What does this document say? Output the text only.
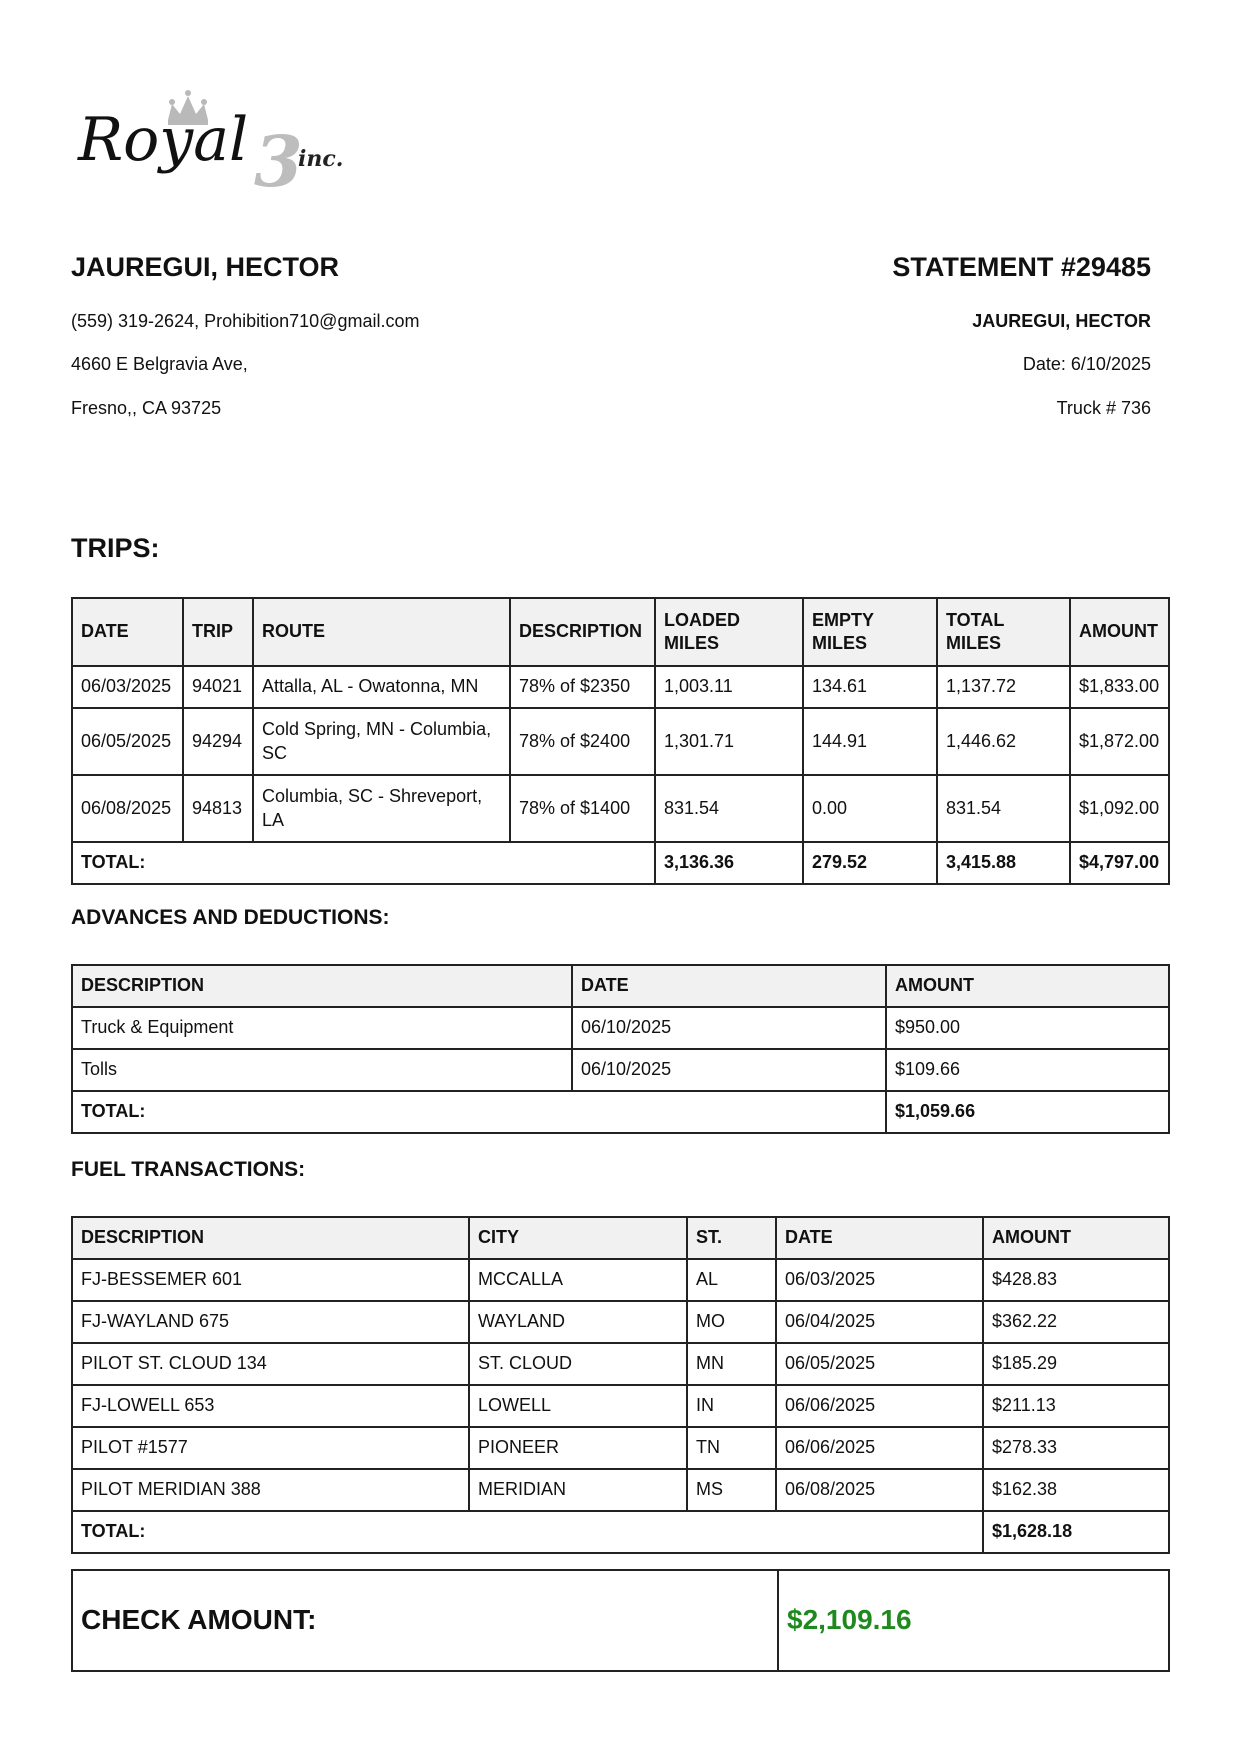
3
Royal inc.
JAUREGUI, HECTOR
(559) 319-2624, Prohibition710@gmail.com
4660 E Belgravia Ave,
Fresno,, CA 93725
STATEMENT #29485
JAUREGUI, HECTOR
Date: 6/10/2025
Truck # 736
TRIPS:
DATE	TRIP	ROUTE	DESCRIPTION	LOADED MILES	EMPTY MILES	TOTAL MILES	AMOUNT
06/03/2025	94021	Attalla, AL - Owatonna, MN	78% of $2350	1,003.11	134.61	1,137.72	$1,833.00
06/05/2025	94294	Cold Spring, MN - Columbia, SC	78% of $2400	1,301.71	144.91	1,446.62	$1,872.00
06/08/2025	94813	Columbia, SC - Shreveport, LA	78% of $1400	831.54	0.00	831.54	$1,092.00
TOTAL:				3,136.36	279.52	3,415.88	$4,797.00
ADVANCES AND DEDUCTIONS:
DESCRIPTION	DATE	AMOUNT
Truck & Equipment	06/10/2025	$950.00
Tolls	06/10/2025	$109.66
TOTAL:		$1,059.66
FUEL TRANSACTIONS:
DESCRIPTION	CITY	ST.	DATE	AMOUNT
FJ-BESSEMER 601	MCCALLA	AL	06/03/2025	$428.83
FJ-WAYLAND 675	WAYLAND	MO	06/04/2025	$362.22
PILOT ST. CLOUD 134	ST. CLOUD	MN	06/05/2025	$185.29
FJ-LOWELL 653	LOWELL	IN	06/06/2025	$211.13
PILOT #1577	PIONEER	TN	06/06/2025	$278.33
PILOT MERIDIAN 388	MERIDIAN	MS	06/08/2025	$162.38
TOTAL:				$1,628.18
CHECK AMOUNT:	$2,109.16
